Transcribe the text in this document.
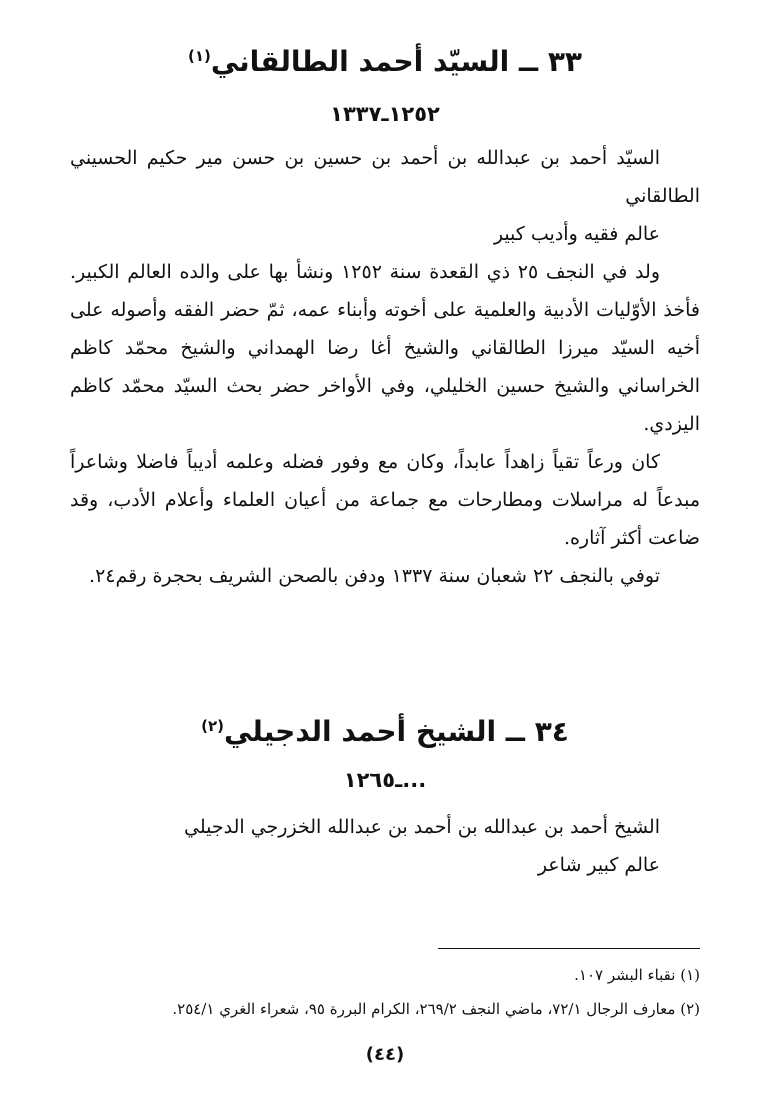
٣٣ ــ السيّد أحمد الطالقاني$^{(١)}$
١٢٥٢ـ١٣٣٧

السيّد أحمد بن عبدالله بن أحمد بن حسين بن حسن مير حكيم الحسيني الطالقاني

عالم فقيه وأديب كبير

ولد في النجف ٢٥ ذي القعدة سنة ١٢٥٢ ونشأ بها على والده العالم الكبير. فأخذ الأوّليات الأدبية والعلمية على أخوته وأبناء عمه، ثمّ حضر الفقه وأصوله على أخيه السيّد ميرزا الطالقاني والشيخ أغا رضا الهمداني والشيخ محمّد كاظم الخراساني والشيخ حسين الخليلي، وفي الأواخر حضر بحث السيّد محمّد كاظم اليزدي.

كان ورعاً تقياً زاهداً عابداً، وكان مع وفور فضله وعلمه أديباً فاضلا وشاعراً مبدعاً له مراسلات ومطارحات مع جماعة من أعيان العلماء وأعلام الأدب، وقد ضاعت أكثر آثاره.

توفي بالنجف ٢٢ شعبان سنة ١٣٣٧ ودفن بالصحن الشريف بحجرة رقم٢٤.

٣٤ ــ الشيخ أحمد الدجيلي$^{(٢)}$
...ـ١٢٦٥

الشيخ أحمد بن عبدالله بن أحمد بن عبدالله الخزرجي الدجيلي

عالم كبير شاعر

(١) نقباء البشر ١٠٧.

(٢) معارف الرجال ٧٢/١، ماضي النجف ٢٦٩/٢، الكرام البررة ٩٥، شعراء الغري ٢٥٤/١.

(٤٤)
